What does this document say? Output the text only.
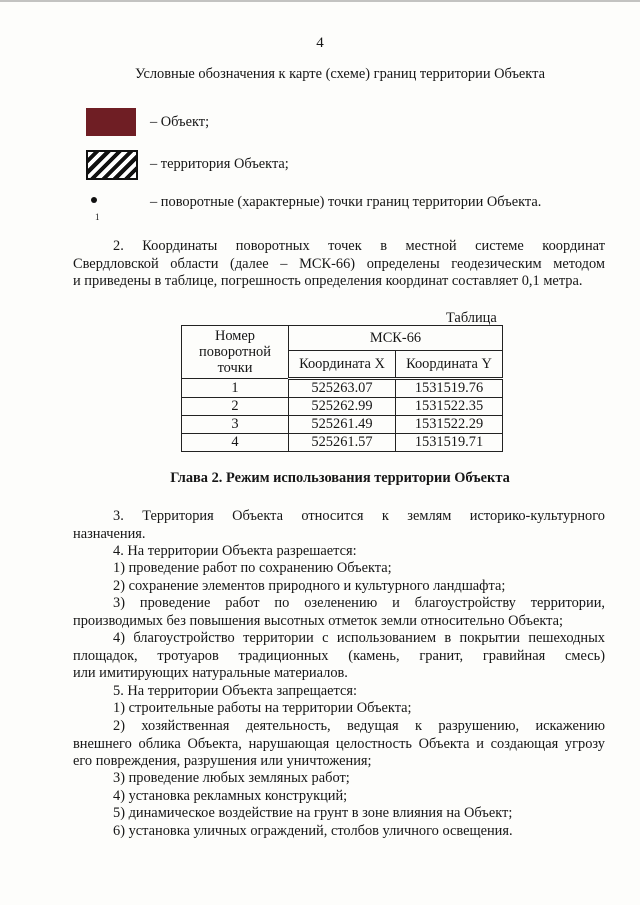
4
Условные обозначения к карте (схеме) границ территории Объекта
– Объект;
– территория Объекта;
– поворотные (характерные) точки границ территории Объекта.
1
2. Координаты поворотных точек в местной системе координат
Свердловской области (далее – МСК-66) определены геодезическим методом
и приведены в таблице, погрешность определения координат составляет 0,1 метра.
Таблица
Номер поворотной точки	МСК-66	
	Координата X	Координата Y
1	525263.07	1531519.76
2	525262.99	1531522.35
3	525261.49	1531522.29
4	525261.57	1531519.71
Глава 2. Режим использования территории Объекта
3. Территория Объекта относится к землям историко-культурного
назначения.
4. На территории Объекта разрешается:
1) проведение работ по сохранению Объекта;
2) сохранение элементов природного и культурного ландшафта;
3) проведение работ по озеленению и благоустройству территории,
производимых без повышения высотных отметок земли относительно Объекта;
4) благоустройство территории с использованием в покрытии пешеходных
площадок, тротуаров традиционных (камень, гранит, гравийная смесь)
или имитирующих натуральные материалов.
5. На территории Объекта запрещается:
1) строительные работы на территории Объекта;
2) хозяйственная деятельность, ведущая к разрушению, искажению
внешнего облика Объекта, нарушающая целостность Объекта и создающая угрозу
его повреждения, разрушения или уничтожения;
3) проведение любых земляных работ;
4) установка рекламных конструкций;
5) динамическое воздействие на грунт в зоне влияния на Объект;
6) установка уличных ограждений, столбов уличного освещения.
